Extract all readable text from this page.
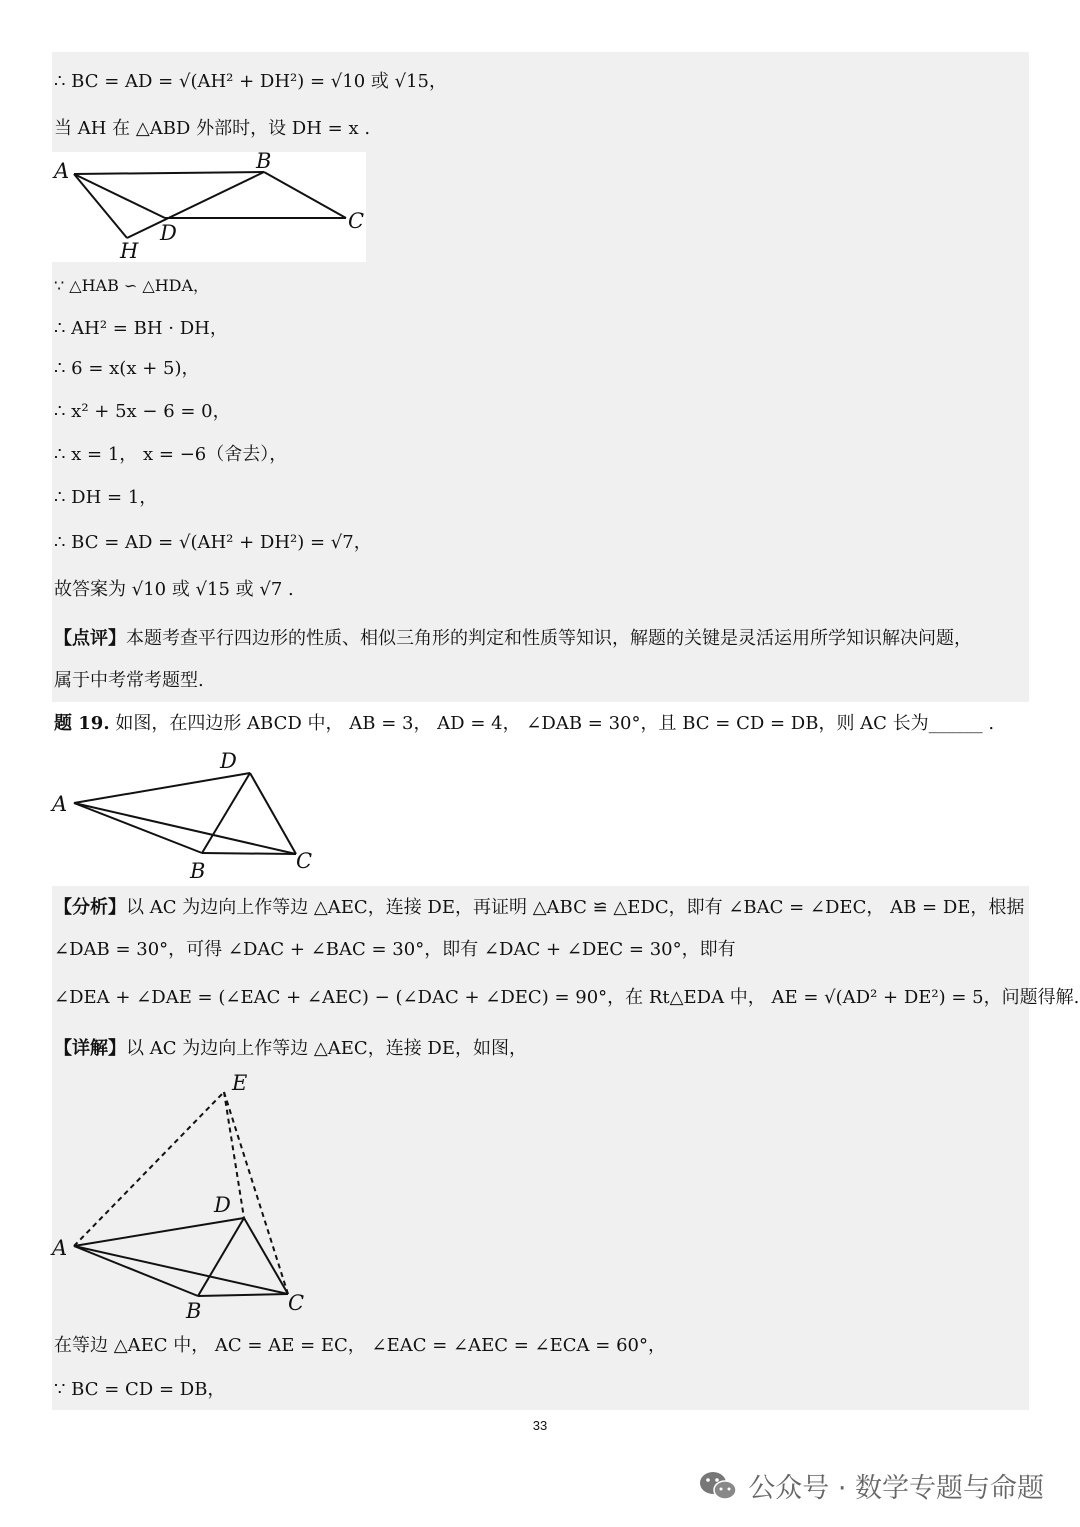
∴ BC = AD = √(AH² + DH²) = √10 或 √15，
当 AH 在 △ABD 外部时，设 DH = x .
A	B
C
D
H
∵ △HAB ∽ △HDA，
∴ AH² = BH · DH，
∴ 6 = x(x + 5)，
∴ x² + 5x − 6 = 0，
∴ x = 1， x = −6（舍去），
∴ DH = 1，
∴ BC = AD = √(AH² + DH²) = √7，
故答案为 √10 或 √15 或 √7 .
【点评】本题考查平行四边形的性质、相似三角形的判定和性质等知识，解题的关键是灵活运用所学知识解决问题，
属于中考常考题型.
题 19. 如图，在四边形 ABCD 中， AB = 3， AD = 4， ∠DAB = 30°，且 BC = CD = DB，则 AC 长为______ .
A
D
B	C
【分析】以 AC 为边向上作等边 △AEC，连接 DE，再证明 △ABC ≌ △EDC，即有 ∠BAC = ∠DEC， AB = DE，根据
∠DAB = 30°，可得 ∠DAC + ∠BAC = 30°，即有 ∠DAC + ∠DEC = 30°，即有
∠DEA + ∠DAE = (∠EAC + ∠AEC) − (∠DAC + ∠DEC) = 90°，在 Rt△EDA 中， AE = √(AD² + DE²) = 5，问题得解.
【详解】以 AC 为边向上作等边 △AEC，连接 DE，如图，
A
E
D
B	C
在等边 △AEC 中， AC = AE = EC， ∠EAC = ∠AEC = ∠ECA = 60°，
∵ BC = CD = DB，
33
公众号 · 数学专题与命题
